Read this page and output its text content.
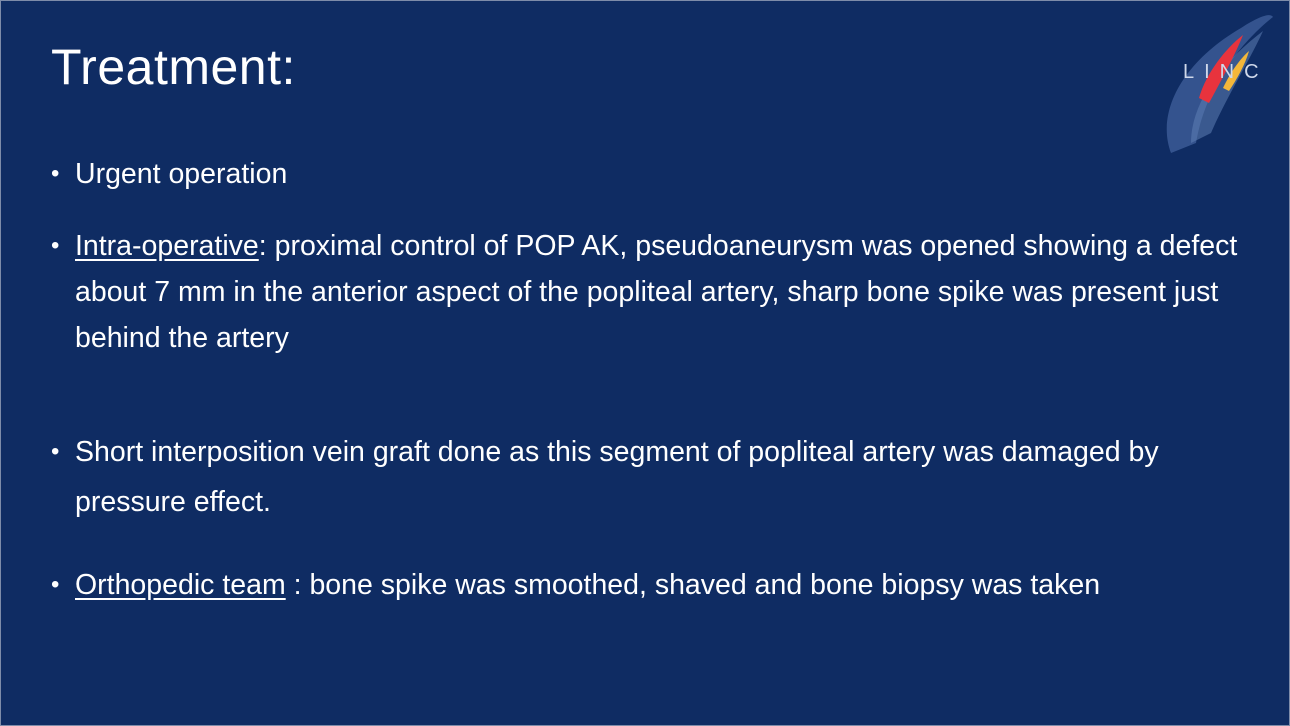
Treatment:	LINC
• Urgent operation
• Intra-operative: proximal control of POP AK, pseudoaneurysm was opened showing a defect about 7 mm in the anterior aspect of the popliteal artery, sharp bone spike was present just behind the artery
• Short interposition vein graft done as this segment of popliteal artery was damaged by pressure effect.
• Orthopedic team : bone spike was smoothed, shaved and bone biopsy was taken
